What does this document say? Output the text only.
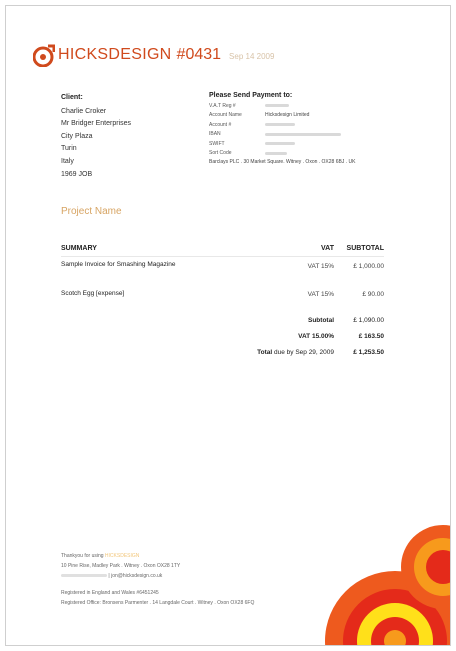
HICKSDESIGN #0431 Sep 14 2009
Client:
Charlie Croker
Mr Bridger Enterprises
City Plaza
Turin
Italy
1969 JOB
Please Send Payment to:
V.A.T Reg #
Account Name	Hicksdesign Limited
Account #
IBAN
SWIFT
Sort Code
Barclays PLC . 30 Market Square. Witney . Oxon . OX28 6BJ . UK
Project Name
SUMMARY	VAT	SUBTOTAL
Sample Invoice for Smashing Magazine	VAT 15%	£ 1,000.00
Scotch Egg [expense]	VAT 15%	£ 90.00
Subtotal	£ 1,090.00
VAT 15.00%	£ 163.50
Total due by Sep 29, 2009	£ 1,253.50
Thankyou for using HICKSDESIGN
10 Pine Rise, Madley Park . Witney . Oxon OX28 1TY
| jon@hicksdesign.co.uk
Registered in England and Wales #6451245
Registered Office: Bronsens Parmenter . 14 Langdale Court . Witney . Oxon OX28 6FQ
